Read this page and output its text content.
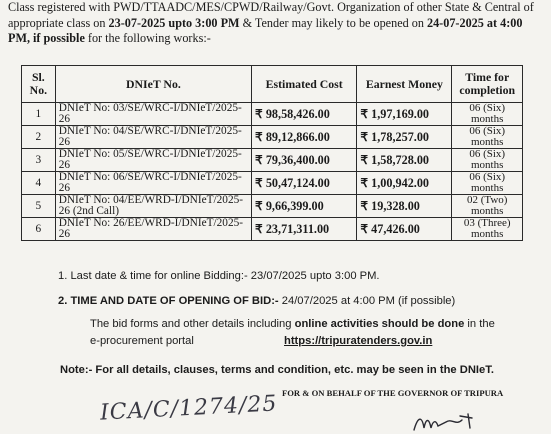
Class registered with PWD/TTAADC/MES/CPWD/Railway/Govt. Organization of other State & Central of
appropriate class on 23-07-2025 upto 3:00 PM & Tender may likely to be opened on 24-07-2025 at 4:00
PM, if possible for the following works:-
Sl. No.	DNIeT No.	Estimated Cost	Earnest Money	Time for completion
1	DNIeT No: 03/SE/WRC-I/DNIeT/2025-26	₹ 98,58,426.00	₹ 1,97,169.00	06 (Six) months
2	DNIeT No: 04/SE/WRC-I/DNIeT/2025-26	₹ 89,12,866.00	₹ 1,78,257.00	06 (Six) months
3	DNIeT No: 05/SE/WRC-I/DNIeT/2025-26	₹ 79,36,400.00	₹ 1,58,728.00	06 (Six) months
4	DNIeT No: 06/SE/WRC-I/DNIeT/2025-26	₹ 50,47,124.00	₹ 1,00,942.00	06 (Six) months
5	DNIeT No: 04/EE/WRD-I/DNIeT/2025-26 (2nd Call)	₹ 9,66,399.00	₹ 19,328.00	02 (Two) months
6	DNIeT No: 26/EE/WRD-I/DNIeT/2025-26	₹ 23,71,311.00	₹ 47,426.00	03 (Three) months
1. Last date & time for online Bidding:- 23/07/2025 upto 3:00 PM.
2. TIME AND DATE OF OPENING OF BID:- 24/07/2025 at 4:00 PM (if possible)
The bid forms and other details including online activities should be done in the
e-procurement portal	https://tripuratenders.gov.in
Note:- For all details, clauses, terms and condition, etc. may be seen in the DNIeT.
FOR & ON BEHALF OF THE GOVERNOR OF TRIPURA
ICA/C/1274/25
